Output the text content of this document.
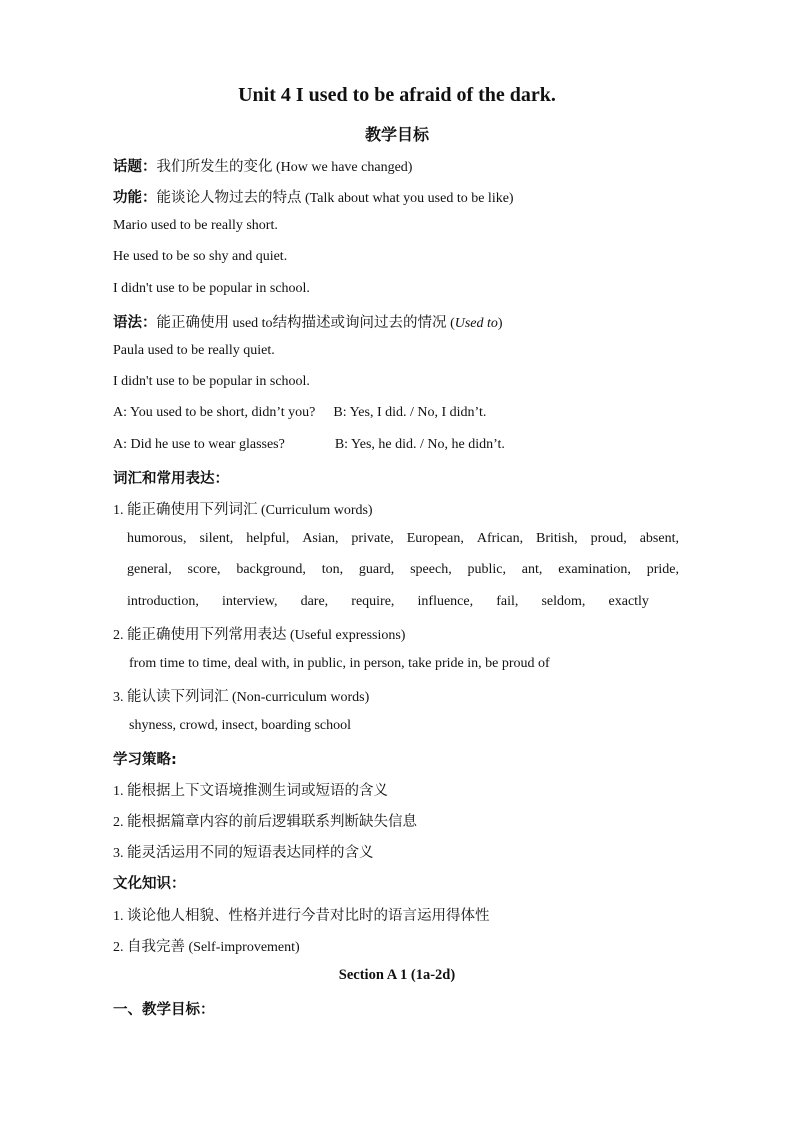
Unit 4 I used to be afraid of the dark.
教学目标
话题：我们所发生的变化 (How we have changed)
功能：能谈论人物过去的特点 (Talk about what you used to be like)
Mario used to be really short.
He used to be so shy and quiet.
I didn't use to be popular in school.
语法：能正确使用 used to结构描述或询问过去的情况 (Used to)
Paula used to be really quiet.
I didn't use to be popular in school.
A: You used to be short, didn’t you? B: Yes, I did. / No, I didn’t.
A: Did he use to wear glasses?	B: Yes, he did. / No, he didn’t.
词汇和常用表达：
1. 能正确使用下列词汇 (Curriculum words)
humorous, silent, helpful, Asian, private, European, African, British, proud, absent,
general, score, background, ton, guard, speech, public, ant, examination, pride,
introduction, interview, dare, require, influence, fail, seldom, exactly
2. 能正确使用下列常用表达 (Useful expressions)
from time to time, deal with, in public, in person, take pride in, be proud of
3. 能认读下列词汇 (Non-curriculum words)
shyness, crowd, insect, boarding school
学习策略:
1. 能根据上下文语境推测生词或短语的含义
2. 能根据篇章内容的前后逻辑联系判断缺失信息
3. 能灵活运用不同的短语表达同样的含义
文化知识：
1. 谈论他人相貌、性格并进行今昔对比时的语言运用得体性
2. 自我完善 (Self-improvement)
Section A 1 (1a-2d)
一、教学目标：
